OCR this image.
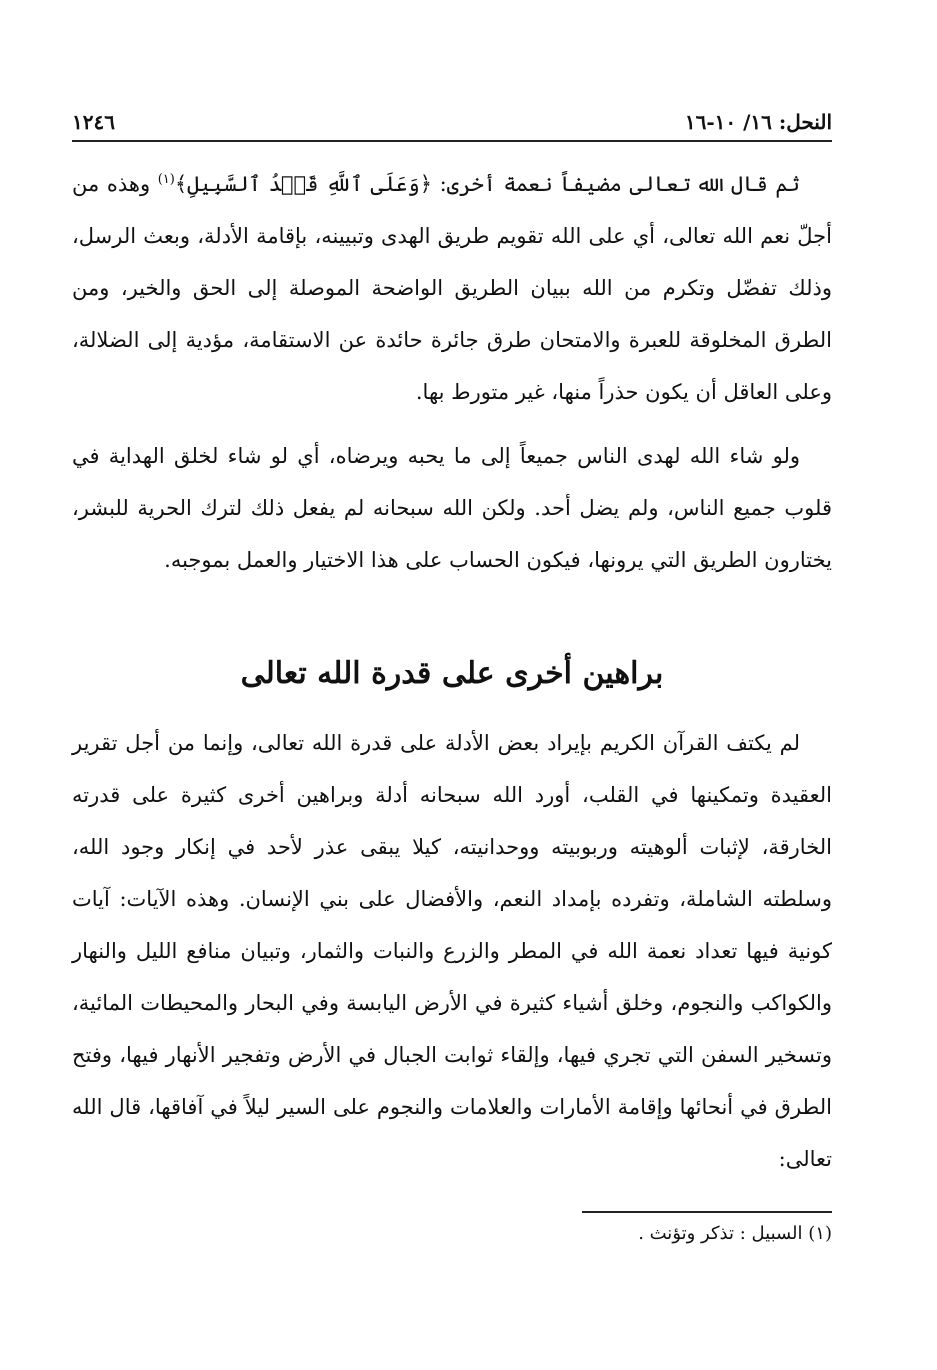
النحل: ١٦/ ١٠-١٦
١٢٤٦

ثم قال الله تعالى مضيفاً نعمة أخرى: ﴿وَعَلَى ٱللَّهِ قَصۡدُ ٱلسَّبِيلِ﴾$^{(١)}$ وهذه من أجلّ نعم الله تعالى، أي على الله تقويم طريق الهدى وتبيينه، بإقامة الأدلة، وبعث الرسل، وذلك تفضّل وتكرم من الله ببيان الطريق الواضحة الموصلة إلى الحق والخير، ومن الطرق المخلوقة للعبرة والامتحان طرق جائرة حائدة عن الاستقامة، مؤدية إلى الضلالة، وعلى العاقل أن يكون حذراً منها، غير متورط بها.

ولو شاء الله لهدى الناس جميعاً إلى ما يحبه ويرضاه، أي لو شاء لخلق الهداية في قلوب جميع الناس، ولم يضل أحد. ولكن الله سبحانه لم يفعل ذلك لترك الحرية للبشر، يختارون الطريق التي يرونها، فيكون الحساب على هذا الاختيار والعمل بموجبه.

براهين أخرى على قدرة الله تعالى

لم يكتف القرآن الكريم بإيراد بعض الأدلة على قدرة الله تعالى، وإنما من أجل تقرير العقيدة وتمكينها في القلب، أورد الله سبحانه أدلة وبراهين أخرى كثيرة على قدرته الخارقة، لإثبات ألوهيته وربوبيته ووحدانيته، كيلا يبقى عذر لأحد في إنكار وجود الله، وسلطته الشاملة، وتفرده بإمداد النعم، والأفضال على بني الإنسان. وهذه الآيات: آيات كونية فيها تعداد نعمة الله في المطر والزرع والنبات والثمار، وتبيان منافع الليل والنهار والكواكب والنجوم، وخلق أشياء كثيرة في الأرض اليابسة وفي البحار والمحيطات المائية، وتسخير السفن التي تجري فيها، وإلقاء ثوابت الجبال في الأرض وتفجير الأنهار فيها، وفتح الطرق في أنحائها وإقامة الأمارات والعلامات والنجوم على السير ليلاً في آفاقها، قال الله تعالى:

(١) السبيل : تذكر وتؤنث .
